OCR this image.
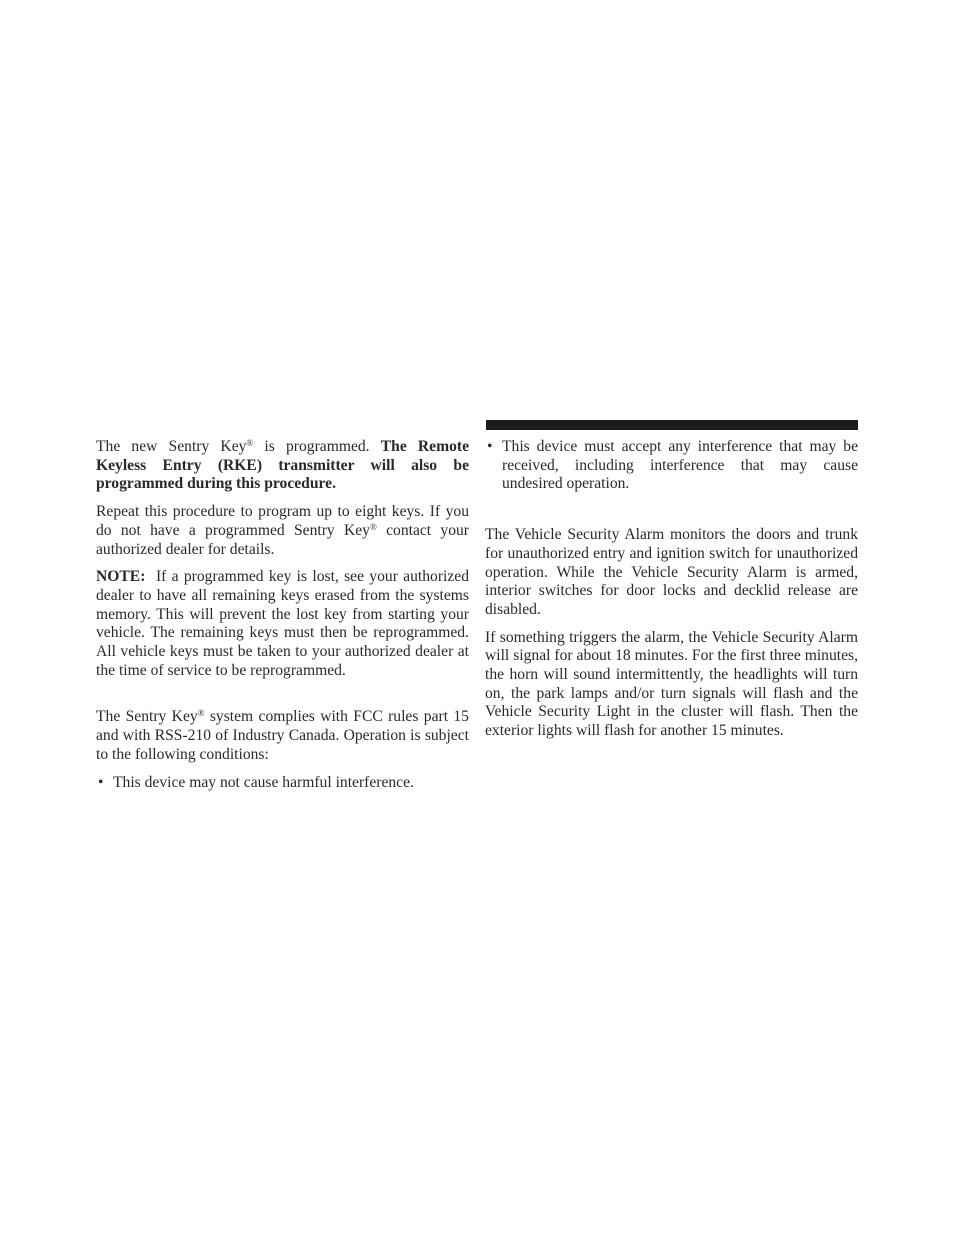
The new Sentry Key® is programmed. The Remote Keyless Entry (RKE) transmitter will also be programmed during this procedure.

Repeat this procedure to program up to eight keys. If you do not have a programmed Sentry Key® contact your authorized dealer for details.

NOTE: If a programmed key is lost, see your authorized dealer to have all remaining keys erased from the systems memory. This will prevent the lost key from starting your vehicle. The remaining keys must then be reprogrammed. All vehicle keys must be taken to your authorized dealer at the time of service to be reprogrammed.

The Sentry Key® system complies with FCC rules part 15 and with RSS-210 of Industry Canada. Operation is subject to the following conditions:

• This device may not cause harmful interference.
• This device must accept any interference that may be received, including interference that may cause undesired operation.

The Vehicle Security Alarm monitors the doors and trunk for unauthorized entry and ignition switch for unauthorized operation. While the Vehicle Security Alarm is armed, interior switches for door locks and decklid release are disabled.

If something triggers the alarm, the Vehicle Security Alarm will signal for about 18 minutes. For the first three minutes, the horn will sound intermittently, the headlights will turn on, the park lamps and/or turn signals will flash and the Vehicle Security Light in the cluster will flash. Then the exterior lights will flash for another 15 minutes.
